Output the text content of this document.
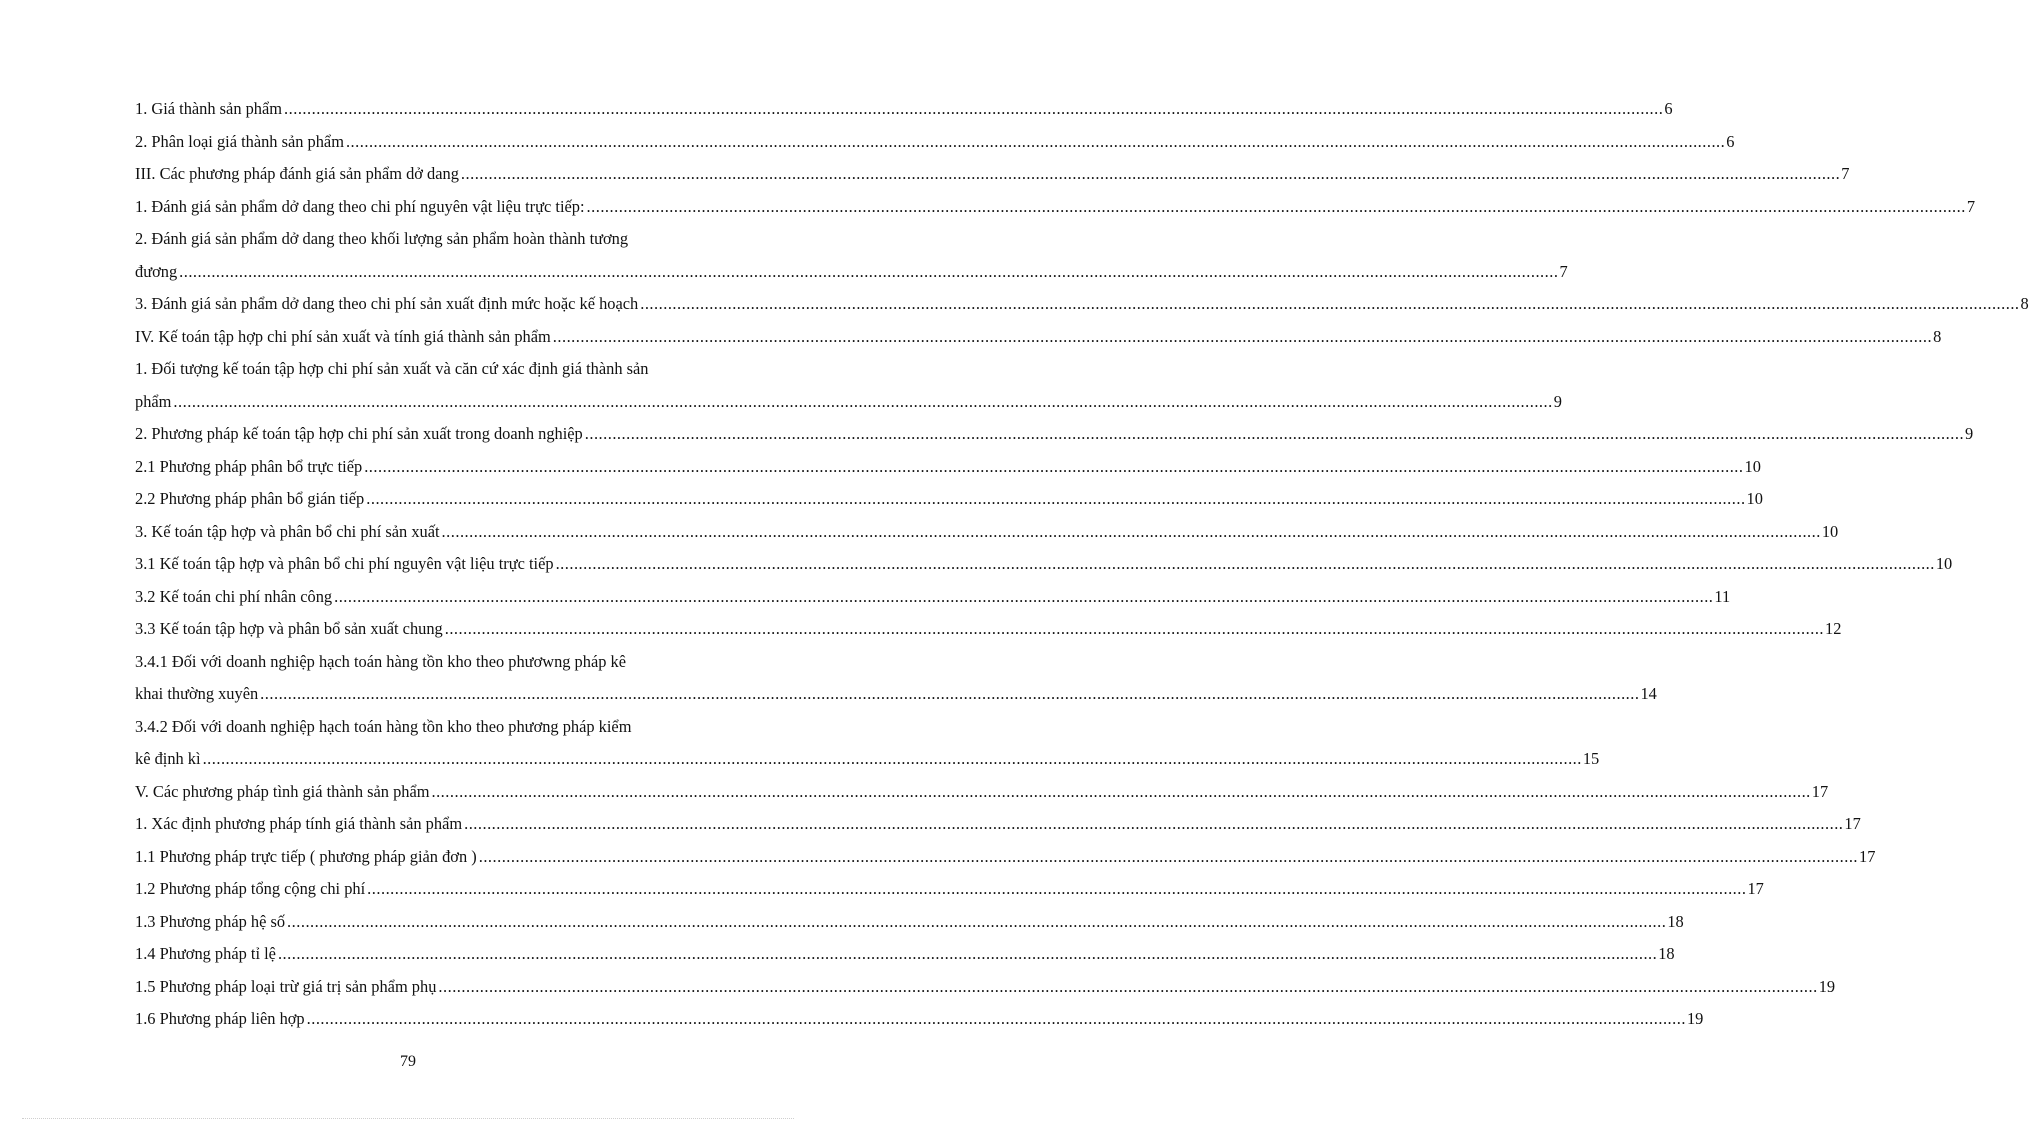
1. Giá thành sản phẩm ............................................................................................................................................................................................................................................................................................................ 6
2. Phân loại giá thành sản phẩm ............................................................................................................................................................................................................................................................................................................ 6
III. Các phương pháp đánh giá sản phẩm dở dang ............................................................................................................................................................................................................................................................................................................ 7
1. Đánh giá sản phẩm dở dang theo chi phí nguyên vật liệu trực tiếp: ............................................................................................................................................................................................................................................................................................................ 7
2. Đánh giá sản phẩm dở dang theo khối lượng sản phẩm hoàn thành tương
đương ............................................................................................................................................................................................................................................................................................................ 7
3. Đánh giá sản phẩm dở dang theo chi phí sản xuất định mức hoặc kế hoạch ............................................................................................................................................................................................................................................................................................................ 8
IV. Kế toán tập hợp chi phí sản xuất và tính giá thành sản phẩm ............................................................................................................................................................................................................................................................................................................ 8
1. Đối tượng kế toán tập hợp chi phí sản xuất và căn cứ xác định giá thành sản
phẩm ............................................................................................................................................................................................................................................................................................................ 9
2. Phương pháp kế toán tập hợp chi phí sản xuất trong doanh nghiệp ............................................................................................................................................................................................................................................................................................................ 9
2.1 Phương pháp phân bổ trực tiếp ............................................................................................................................................................................................................................................................................................................ 10
2.2 Phương pháp phân bổ gián tiếp ............................................................................................................................................................................................................................................................................................................ 10
3. Kế toán tập hợp và phân bổ chi phí sản xuất ............................................................................................................................................................................................................................................................................................................ 10
3.1 Kế toán tập hợp và phân bổ chi phí nguyên vật liệu trực tiếp ............................................................................................................................................................................................................................................................................................................ 10
3.2 Kế toán chi phí nhân công ............................................................................................................................................................................................................................................................................................................ 11
3.3 Kế toán tập hợp và phân bổ sản xuất chung ............................................................................................................................................................................................................................................................................................................ 12
3.4.1 Đối với doanh nghiệp hạch toán hàng tồn kho theo phươwng pháp kê
khai thường xuyên ............................................................................................................................................................................................................................................................................................................ 14
3.4.2 Đối với doanh nghiệp hạch toán hàng tồn kho theo phương pháp kiểm
kê định kì ............................................................................................................................................................................................................................................................................................................ 15
V. Các phương pháp tình giá thành sản phẩm ............................................................................................................................................................................................................................................................................................................ 17
1. Xác định phương pháp tính giá thành sản phẩm ............................................................................................................................................................................................................................................................................................................ 17
1.1 Phương pháp trực tiếp ( phương pháp giản đơn ) ............................................................................................................................................................................................................................................................................................................ 17
1.2 Phương pháp tổng cộng chi phí ............................................................................................................................................................................................................................................................................................................ 17
1.3 Phương pháp hệ số ............................................................................................................................................................................................................................................................................................................ 18
1.4 Phương pháp tỉ lệ ............................................................................................................................................................................................................................................................................................................ 18
1.5 Phương pháp loại trừ giá trị sản phẩm phụ ............................................................................................................................................................................................................................................................................................................ 19
1.6 Phương pháp liên hợp ............................................................................................................................................................................................................................................................................................................ 19
79
